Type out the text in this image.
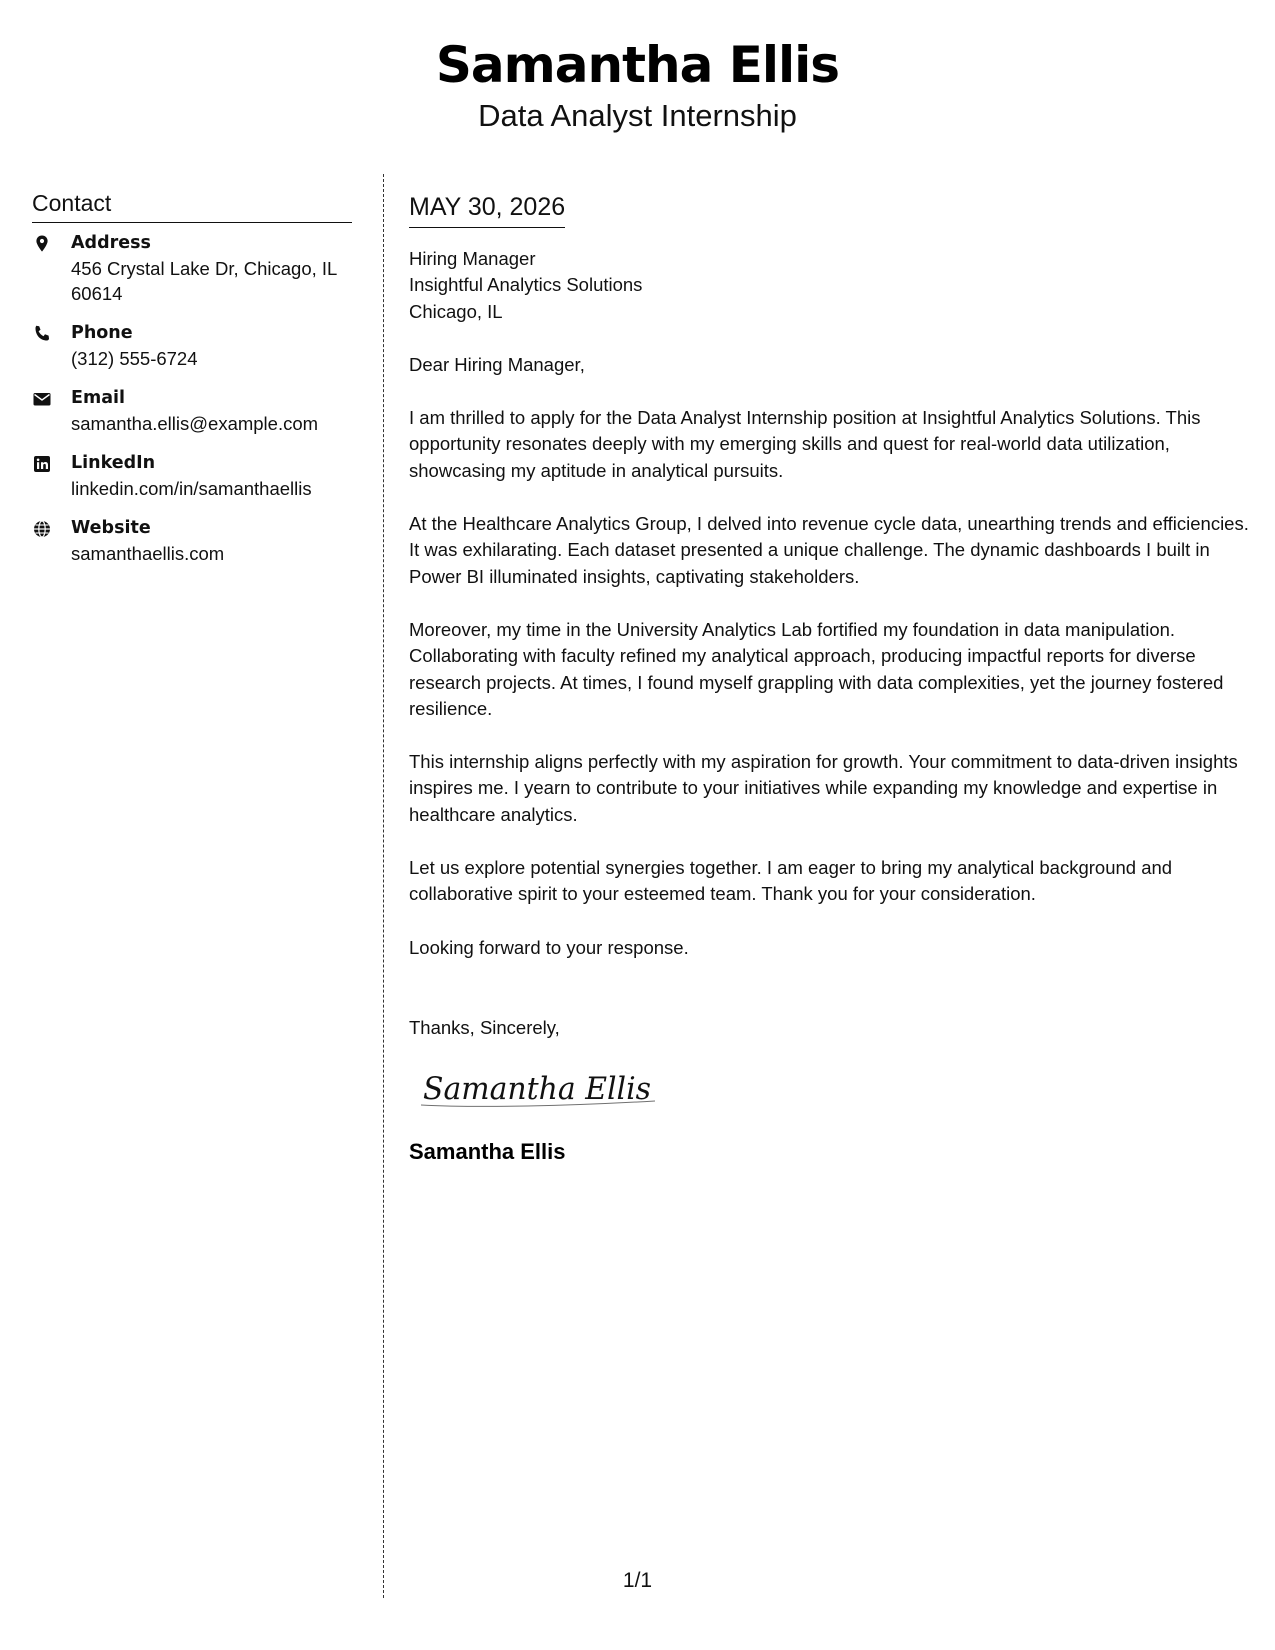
Samantha Ellis
Data Analyst Internship
Contact
Address
456 Crystal Lake Dr, Chicago, IL 60614
Phone
(312) 555-6724
Email
samantha.ellis@example.com
LinkedIn
linkedin.com/in/samanthaellis
Website
samanthaellis.com
MAY 30, 2026
Hiring Manager
Insightful Analytics Solutions
Chicago, IL
Dear Hiring Manager,
I am thrilled to apply for the Data Analyst Internship position at Insightful Analytics Solutions. This opportunity resonates deeply with my emerging skills and quest for real-world data utilization, showcasing my aptitude in analytical pursuits.
At the Healthcare Analytics Group, I delved into revenue cycle data, unearthing trends and efficiencies. It was exhilarating. Each dataset presented a unique challenge. The dynamic dashboards I built in Power BI illuminated insights, captivating stakeholders.
Moreover, my time in the University Analytics Lab fortified my foundation in data manipulation. Collaborating with faculty refined my analytical approach, producing impactful reports for diverse research projects. At times, I found myself grappling with data complexities, yet the journey fostered resilience.
This internship aligns perfectly with my aspiration for growth. Your commitment to data-driven insights inspires me. I yearn to contribute to your initiatives while expanding my knowledge and expertise in healthcare analytics.
Let us explore potential synergies together. I am eager to bring my analytical background and collaborative spirit to your esteemed team. Thank you for your consideration.
Looking forward to your response.
Thanks, Sincerely,
Samantha Ellis
Samantha Ellis
1/1
